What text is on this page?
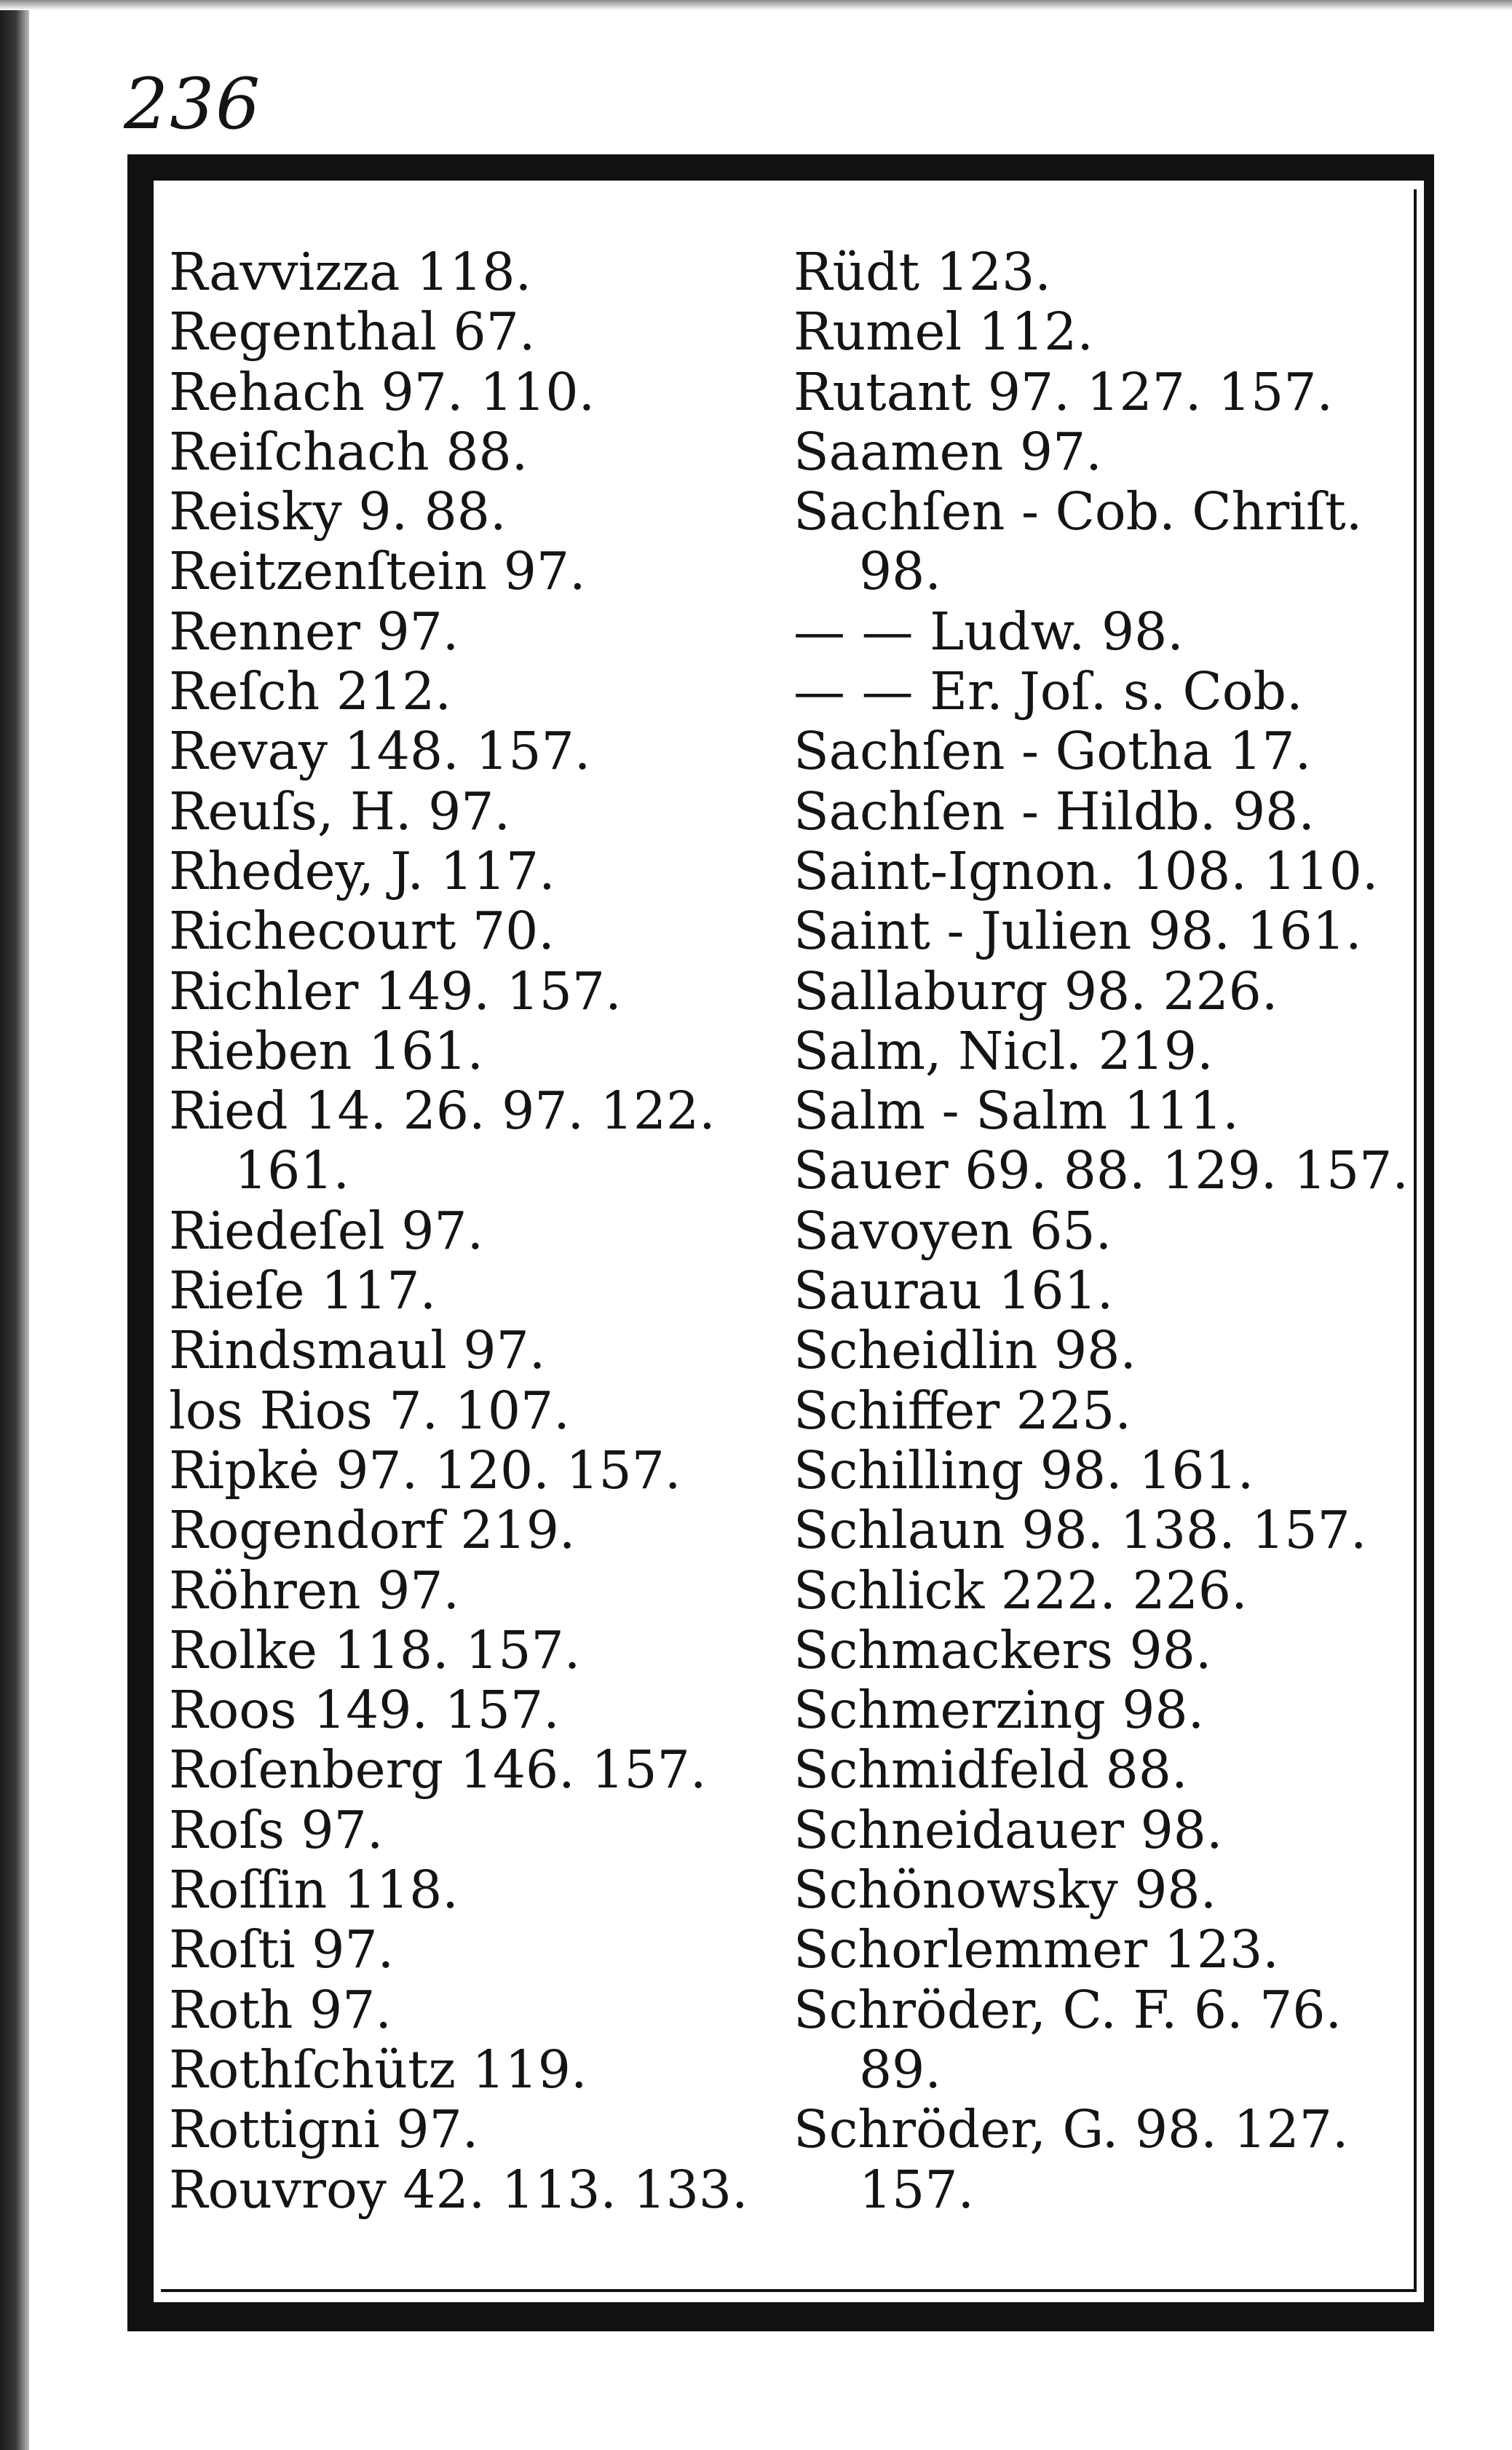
236
Ravvizza 118.
Regenthal 67.
Rehach 97. 110.
Reiſchach 88.
Reisky 9. 88.
Reitzenſtein 97.
Renner 97.
Reſch 212.
Revay 148. 157.
Reuſs, H. 97.
Rhedey, J. 117.
Richecourt 70.
Richler 149. 157.
Rieben 161.
Ried 14. 26. 97. 122.
161.
Riedeſel 97.
Rieſe 117.
Rindsmaul 97.
los Rios 7. 107.
Ripkė 97. 120. 157.
Rogendorf 219.
Röhren 97.
Rolke 118. 157.
Roos 149. 157.
Roſenberg 146. 157.
Roſs 97.
Roſſin 118.
Roſti 97.
Roth 97.
Rothſchütz 119.
Rottigni 97.
Rouvroy 42. 113. 133.
Rüdt 123.
Rumel 112.
Rutant 97. 127. 157.
Saamen 97.
Sachſen - Cob. Chriſt.
98.
— — Ludw. 98.
— — Er. Joſ. s. Cob.
Sachſen - Gotha 17.
Sachſen - Hildb. 98.
Saint-Ignon. 108. 110.
Saint - Julien 98. 161.
Sallaburg 98. 226.
Salm, Nicl. 219.
Salm - Salm 111.
Sauer 69. 88. 129. 157.
Savoyen 65.
Saurau 161.
Scheidlin 98.
Schiffer 225.
Schilling 98. 161.
Schlaun 98. 138. 157.
Schlick 222. 226.
Schmackers 98.
Schmerzing 98.
Schmidfeld 88.
Schneidauer 98.
Schönowsky 98.
Schorlemmer 123.
Schröder, C. F. 6. 76.
89.
Schröder, G. 98. 127.
157.
